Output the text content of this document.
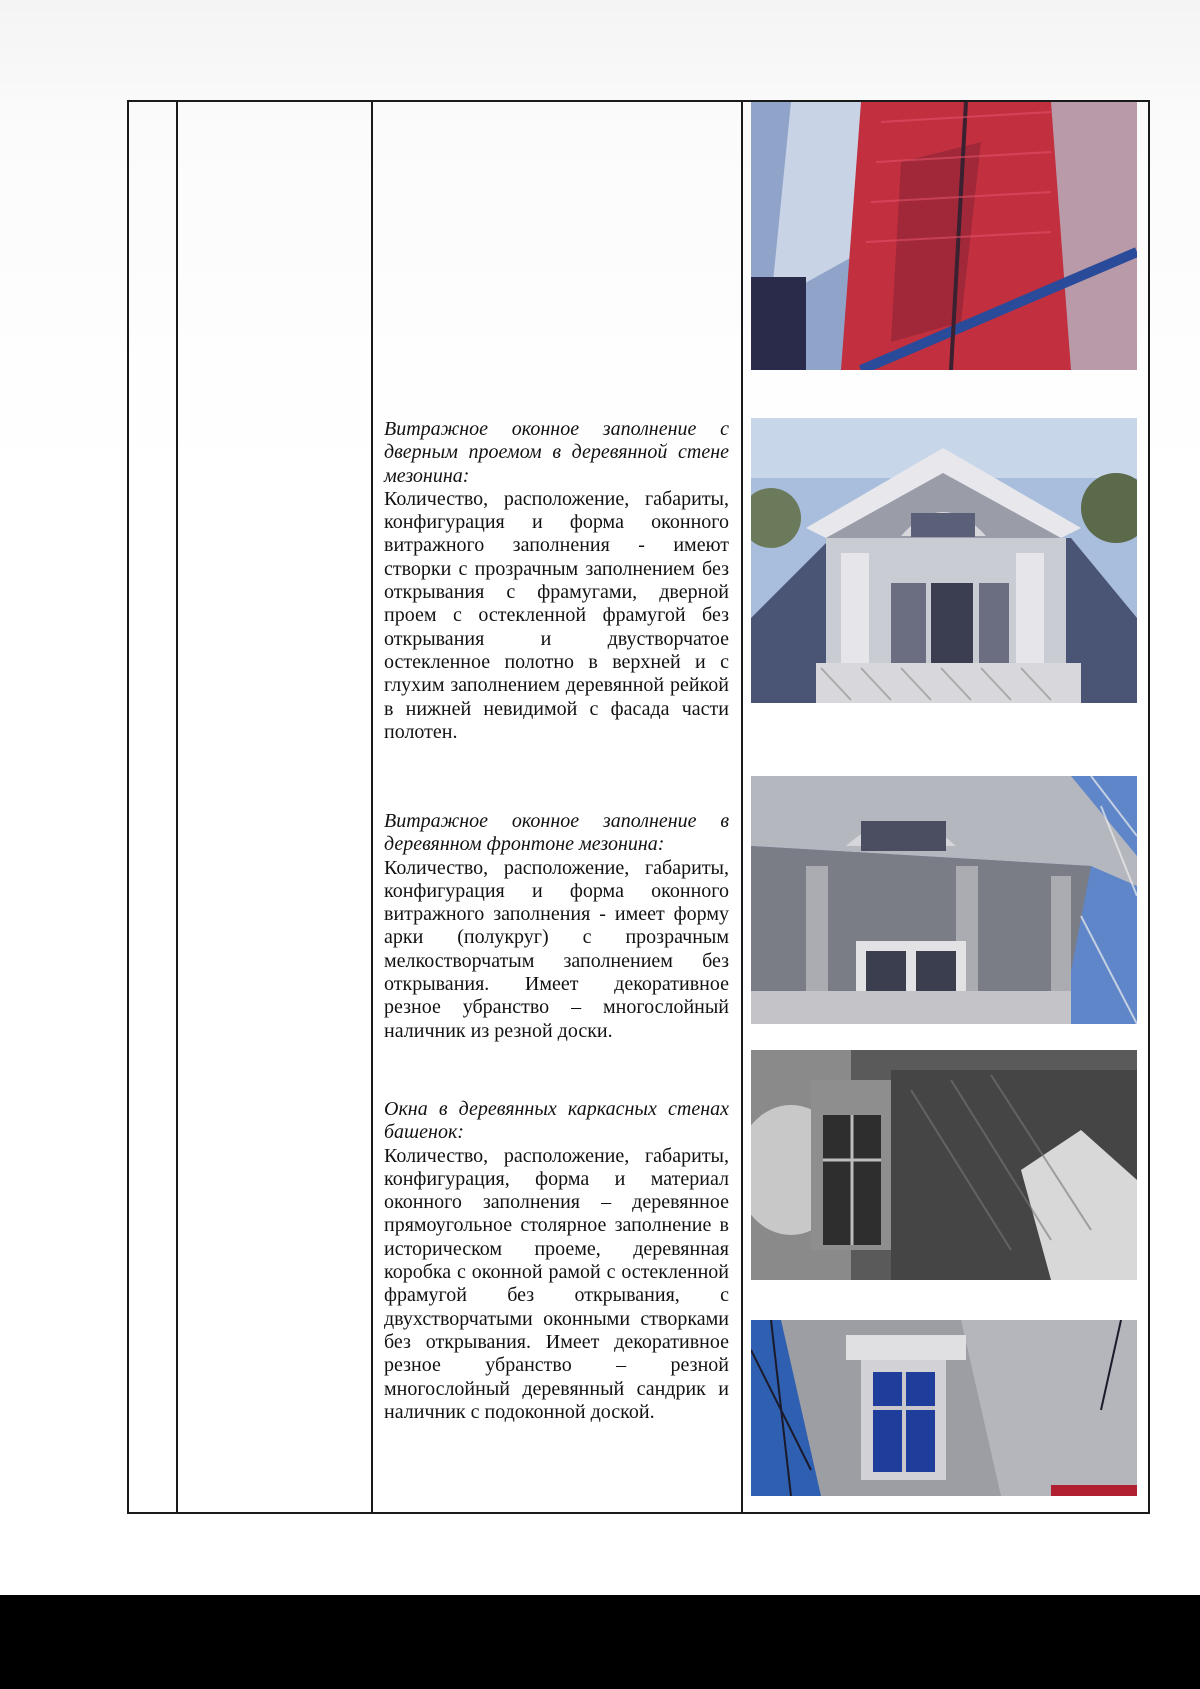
Витражное оконное заполнение с дверным проемом в деревянной стене мезонина:

Количество, расположение, габариты, конфигурация и форма оконного витражного заполнения - имеют створки с прозрачным заполнением без открывания с фрамугами, дверной проем с остекленной фрамугой без открывания и двустворчатое остекленное полотно в верхней и с глухим заполнением деревянной рейкой в нижней невидимой с фасада части полотен.

Витражное оконное заполнение в деревянном фронтоне мезонина:

Количество, расположение, габариты, конфигурация и форма оконного витражного заполнения - имеет форму арки (полукруг) с прозрачным мелкостворчатым заполнением без открывания. Имеет декоративное резное убранство – многослойный наличник из резной доски.

Окна в деревянных каркасных стенах башенок:

Количество, расположение, габариты, конфигурация, форма и материал оконного заполнения – деревянное прямоугольное столярное заполнение в историческом проеме, деревянная коробка с оконной рамой с остекленной фрамугой без открывания, с двухстворчатыми оконными створками без открывания. Имеет декоративное резное убранство – резной многослойный деревянный сандрик и наличник с подоконной доской.
